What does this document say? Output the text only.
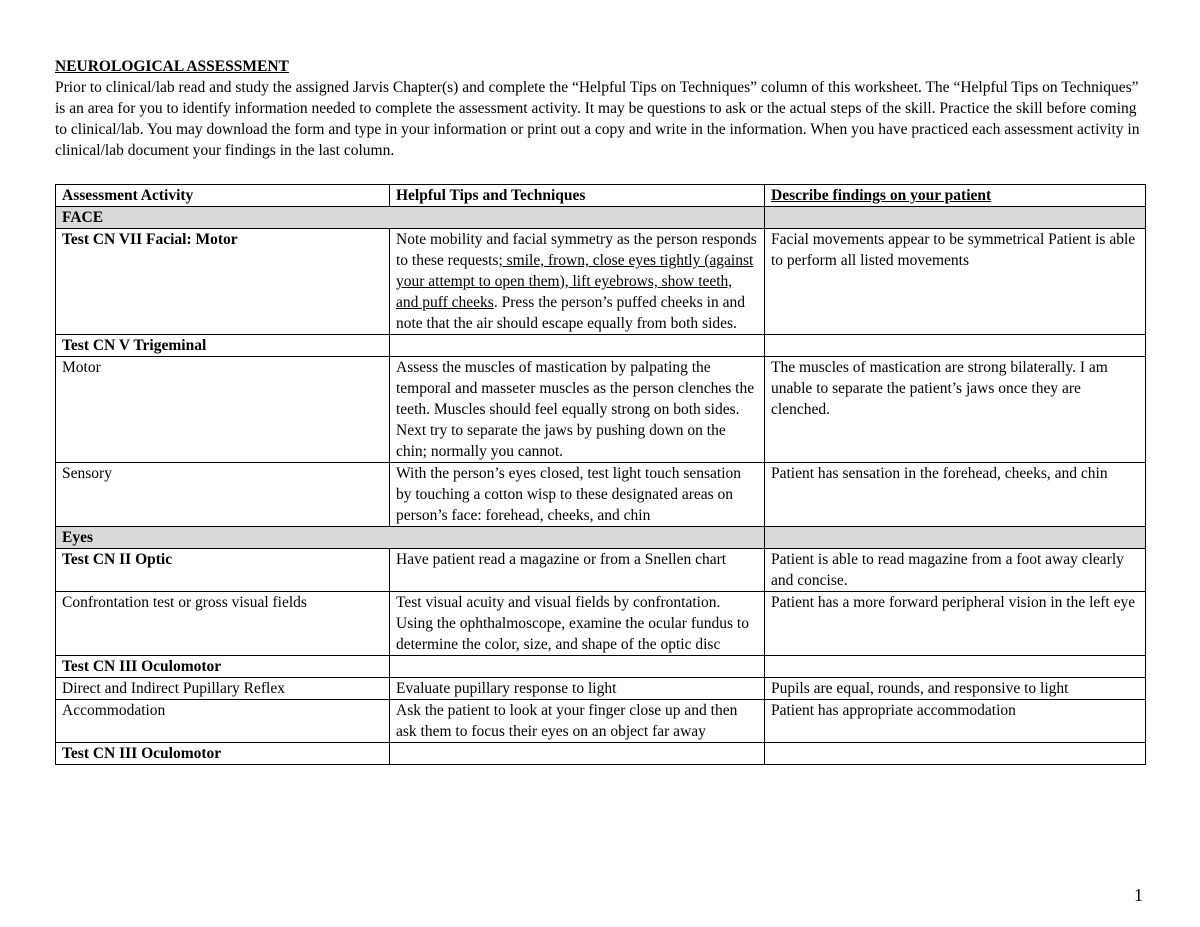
NEUROLOGICAL ASSESSMENT
Prior to clinical/lab read and study the assigned Jarvis Chapter(s) and complete the “Helpful Tips on Techniques” column of this worksheet. The “Helpful Tips on Techniques” is an area for you to identify information needed to complete the assessment activity. It may be questions to ask or the actual steps of the skill. Practice the skill before coming to clinical/lab. You may download the form and type in your information or print out a copy and write in the information. When you have practiced each assessment activity in clinical/lab document your findings in the last column.
Assessment Activity	Helpful Tips and Techniques	Describe findings on your patient
FACE		
Test CN VII Facial: Motor	Note mobility and facial symmetry as the person responds to these requests; smile, frown, close eyes tightly (against your attempt to open them), lift eyebrows, show teeth, and puff cheeks. Press the person’s puffed cheeks in and note that the air should escape equally from both sides.	Facial movements appear to be symmetrical Patient is able to perform all listed movements
Test CN V Trigeminal		
Motor	Assess the muscles of mastication by palpating the temporal and masseter muscles as the person clenches the teeth. Muscles should feel equally strong on both sides. Next try to separate the jaws by pushing down on the chin; normally you cannot.	The muscles of mastication are strong bilaterally. I am unable to separate the patient’s jaws once they are clenched.
Sensory	With the person’s eyes closed, test light touch sensation by touching a cotton wisp to these designated areas on person’s face: forehead, cheeks, and chin	Patient has sensation in the forehead, cheeks, and chin
Eyes		
Test CN II Optic	Have patient read a magazine or from a Snellen chart	Patient is able to read magazine from a foot away clearly and concise.
Confrontation test or gross visual fields	Test visual acuity and visual fields by confrontation. Using the ophthalmoscope, examine the ocular fundus to determine the color, size, and shape of the optic disc	Patient has a more forward peripheral vision in the left eye
Test CN III Oculomotor		
Direct and Indirect Pupillary Reflex	Evaluate pupillary response to light	Pupils are equal, rounds, and responsive to light
Accommodation	Ask the patient to look at your finger close up and then ask them to focus their eyes on an object far away	Patient has appropriate accommodation
Test CN III Oculomotor		
1
